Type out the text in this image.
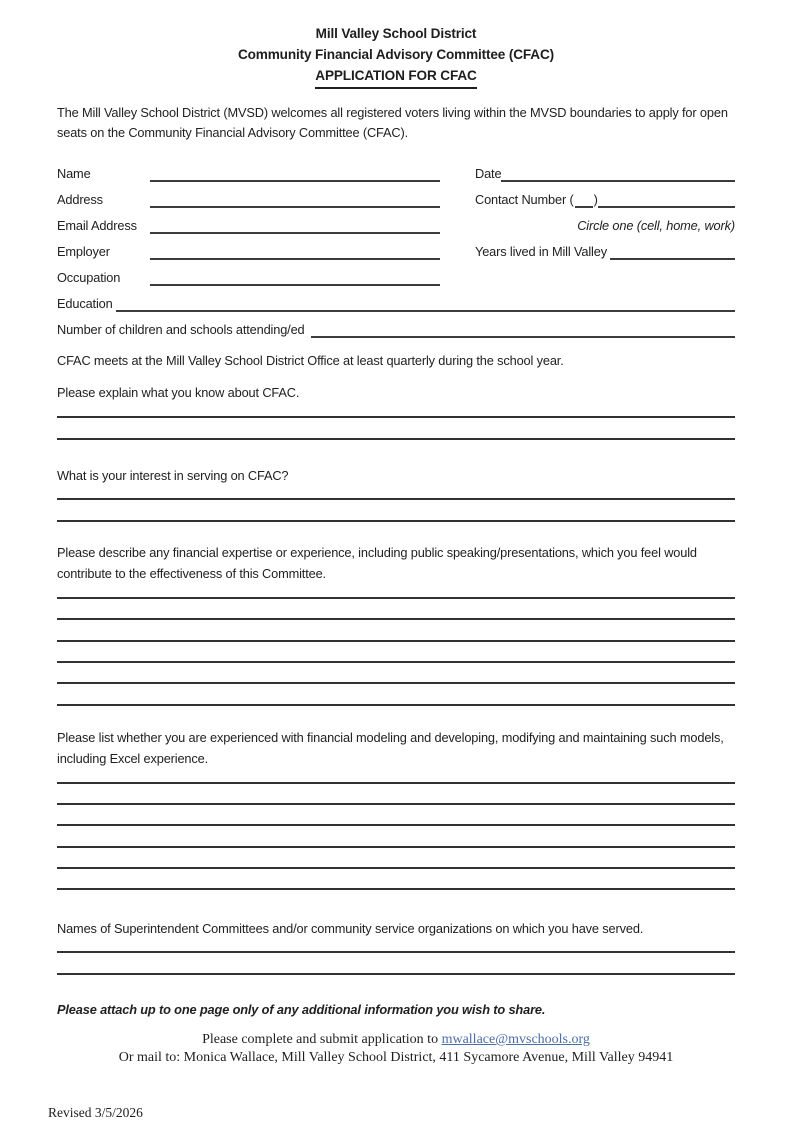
Mill Valley School District
Community Financial Advisory Committee (CFAC)
APPLICATION FOR CFAC

The Mill Valley School District (MVSD) welcomes all registered voters living within the MVSD boundaries to apply for open seats on the Community Financial Advisory Committee (CFAC).

Name	Date
Address	Contact Number ( )
Email Address	Circle one (cell, home, work)
Employer	Years lived in Mill Valley
Occupation
Education
Number of children and schools attending/ed

CFAC meets at the Mill Valley School District Office at least quarterly during the school year.

Please explain what you know about CFAC.

What is your interest in serving on CFAC?

Please describe any financial expertise or experience, including public speaking/presentations, which you feel would contribute to the effectiveness of this Committee.

Please list whether you are experienced with financial modeling and developing, modifying and maintaining such models, including Excel experience.

Names of Superintendent Committees and/or community service organizations on which you have served.

Please attach up to one page only of any additional information you wish to share.

Please complete and submit application to mwallace@mvschools.org
Or mail to: Monica Wallace, Mill Valley School District, 411 Sycamore Avenue, Mill Valley 94941
Revised 3/5/2026
